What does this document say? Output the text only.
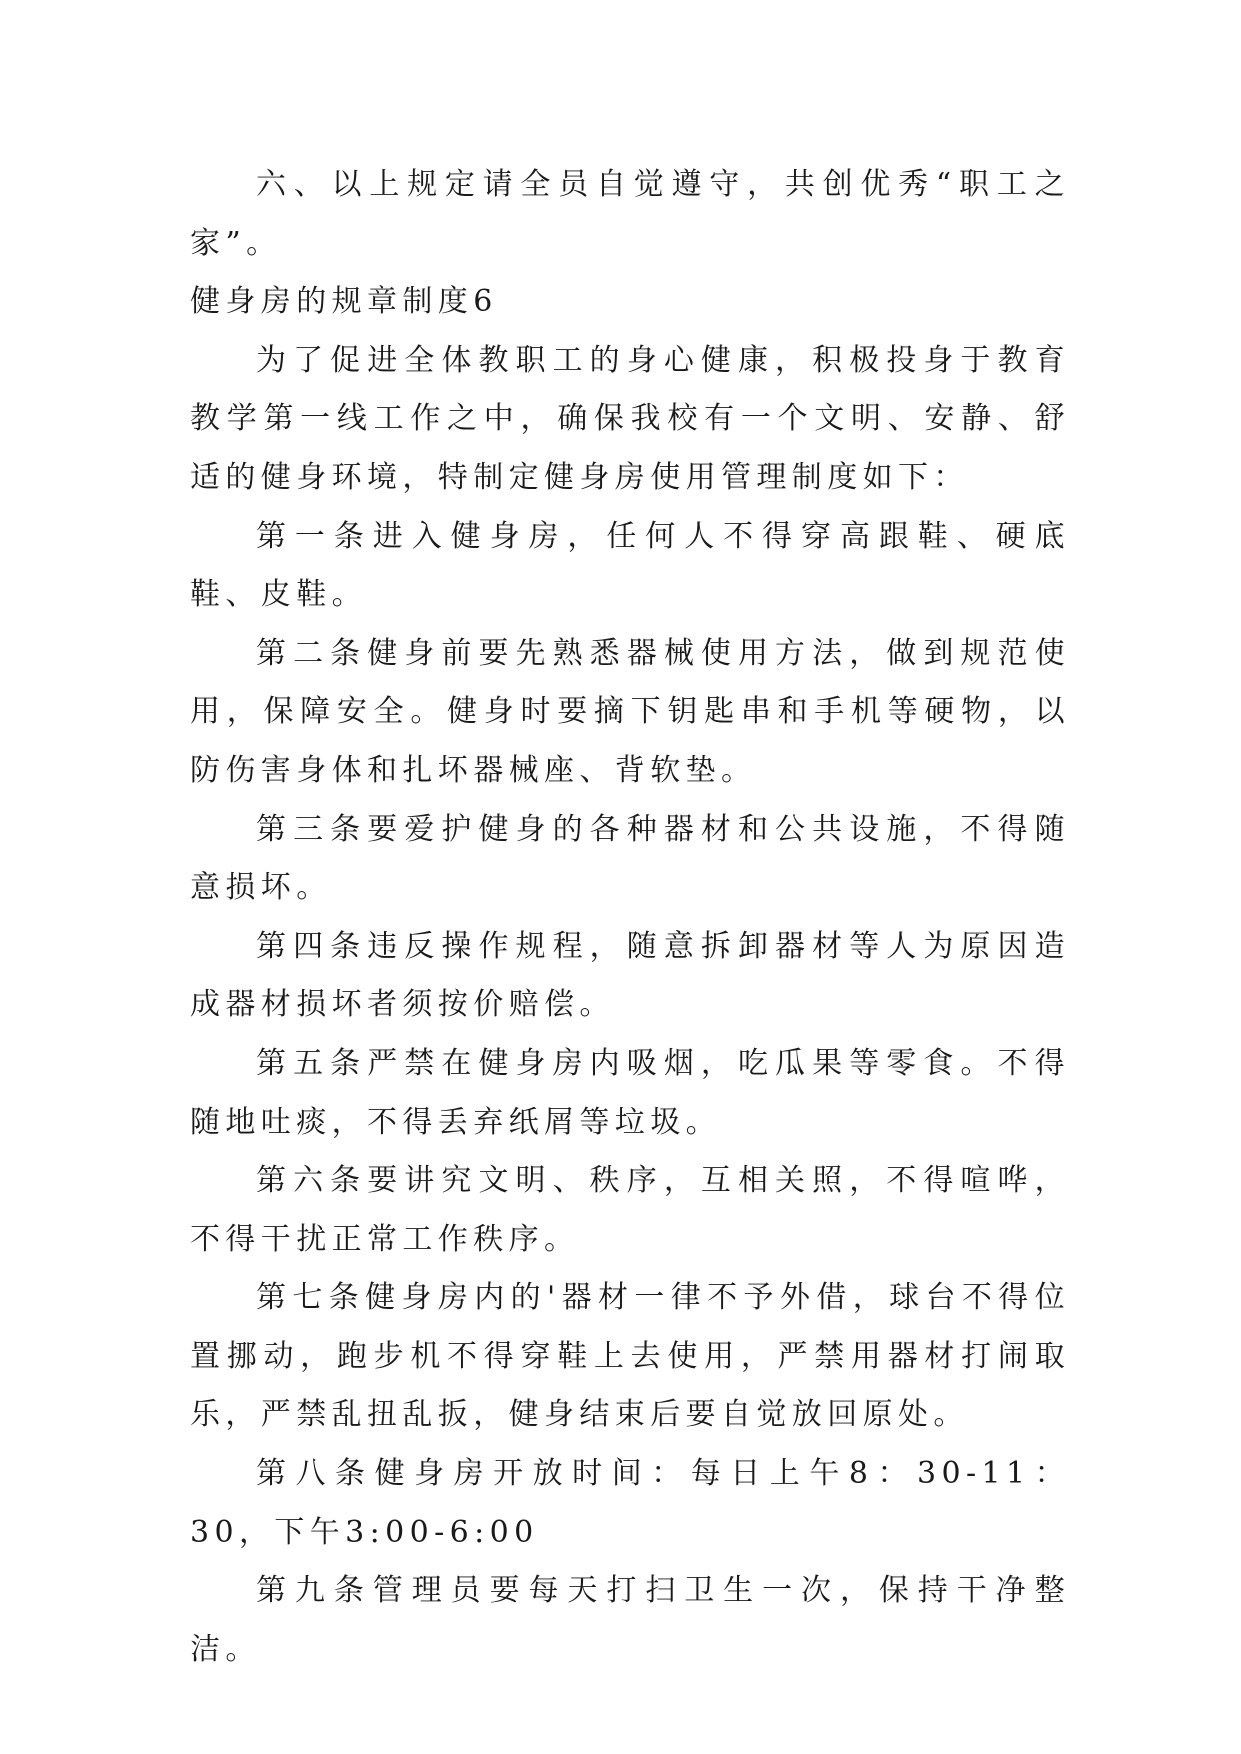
六、以上规定请全员自觉遵守，共创优秀“职工之家”。

健身房的规章制度6

为了促进全体教职工的身心健康，积极投身于教育教学第一线工作之中，确保我校有一个文明、安静、舒适的健身环境，特制定健身房使用管理制度如下：

第一条进入健身房，任何人不得穿高跟鞋、硬底鞋、皮鞋。

第二条健身前要先熟悉器械使用方法，做到规范使用，保障安全。健身时要摘下钥匙串和手机等硬物，以防伤害身体和扎坏器械座、背软垫。

第三条要爱护健身的各种器材和公共设施，不得随意损坏。

第四条违反操作规程，随意拆卸器材等人为原因造成器材损坏者须按价赔偿。

第五条严禁在健身房内吸烟，吃瓜果等零食。不得随地吐痰，不得丢弃纸屑等垃圾。

第六条要讲究文明、秩序，互相关照，不得喧哗，不得干扰正常工作秩序。

第七条健身房内的'器材一律不予外借，球台不得位置挪动，跑步机不得穿鞋上去使用，严禁用器材打闹取乐，严禁乱扭乱扳，健身结束后要自觉放回原处。

第八条健身房开放时间：每日上午8：30-11：30，下午3:00-6:00

第九条管理员要每天打扫卫生一次，保持干净整洁。
